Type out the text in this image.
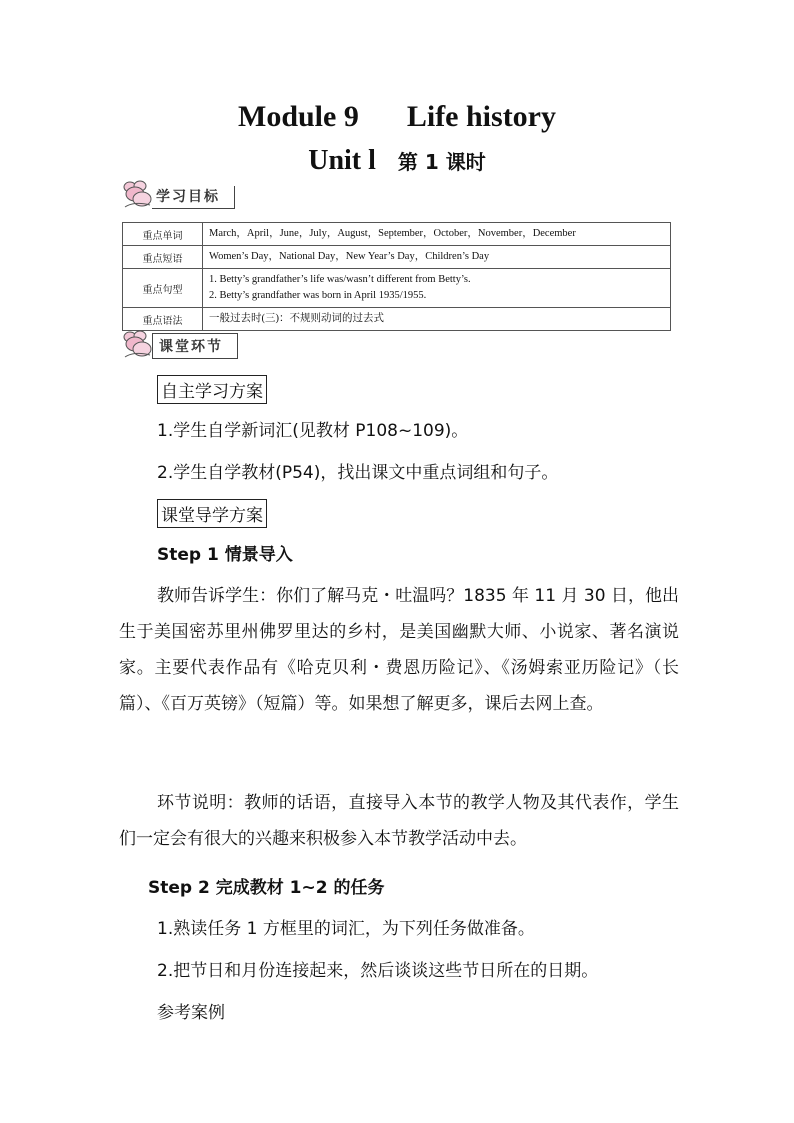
Module 9 Life history
Unit l 第 1 课时
学习目标
重点单词	March，April，June，July，August，September，October，November，December

重点短语	Women’s Day，National Day，New Year’s Day，Children’s Day

重点句型	1. Betty’s grandfather’s life was/wasn’t different from Betty’s.
2. Betty’s grandfather was born in April 1935/1955.

重点语法	一般过去时(三)：不规则动词的过去式
课堂环节
自主学习方案
1.学生自学新词汇(见教材 P108~109)。
2.学生自学教材(P54)，找出课文中重点词组和句子。
课堂导学方案
Step 1 情景导入

教师告诉学生：你们了解马克・吐温吗？1835 年 11 月 30 日，他出生于美国密苏里州佛罗里达的乡村，是美国幽默大师、小说家、著名演说家。主要代表作品有《哈克贝利・费恩历险记》、《汤姆索亚历险记》（长篇）、《百万英镑》（短篇）等。如果想了解更多，课后去网上查。

环节说明：教师的话语，直接导入本节的教学人物及其代表作，学生们一定会有很大的兴趣来积极参入本节教学活动中去。

Step 2 完成教材 1~2 的任务
1.熟读任务 1 方框里的词汇，为下列任务做准备。
2.把节日和月份连接起来，然后谈谈这些节日所在的日期。
参考案例
